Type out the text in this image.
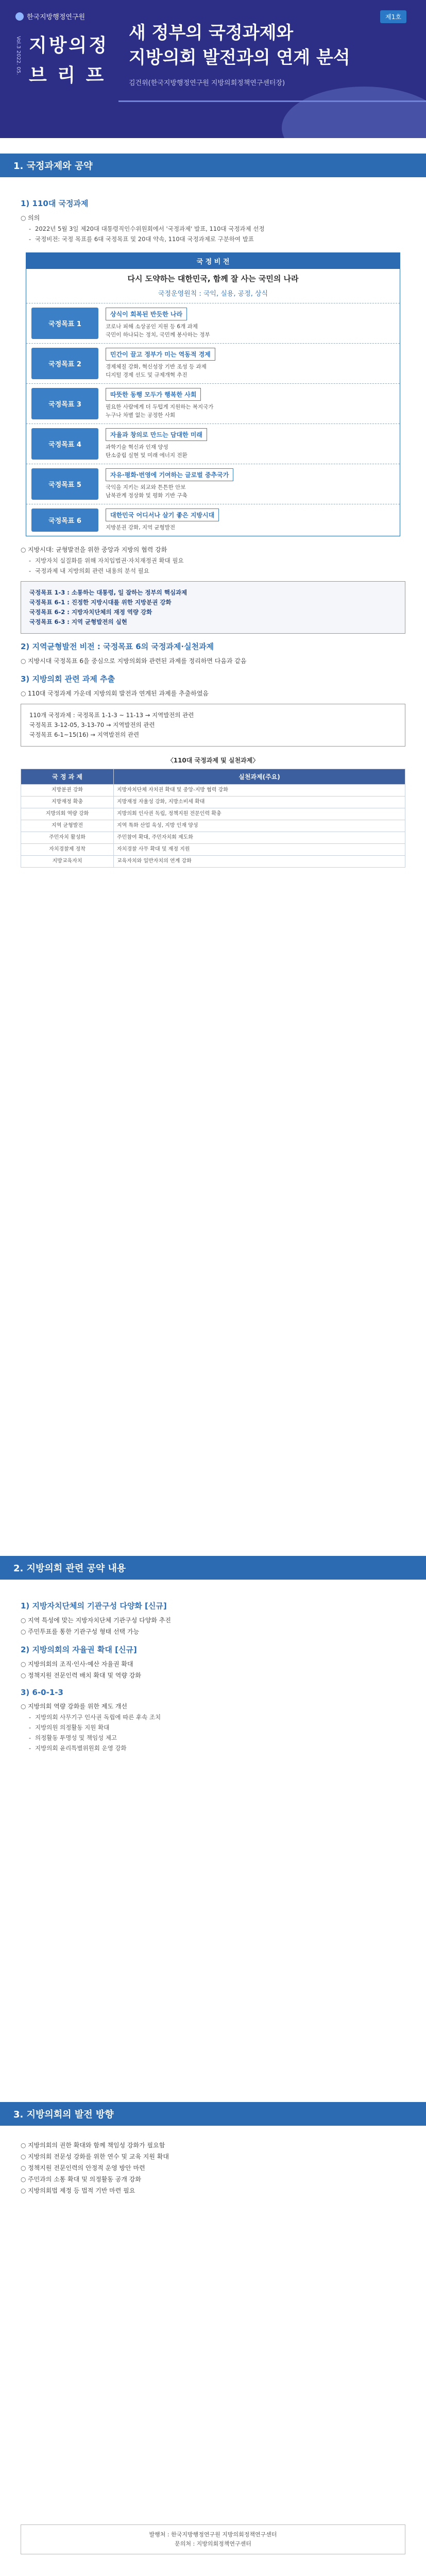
한국지방행정연구원
Vol.3 2022. 05. 지방의정
브 리 프
제1호
새 정부의 국정과제와
지방의회 발전과의 연계 분석
김건위(한국지방행정연구원 지방의회정책연구센터장)
1. 국정과제와 공약
1) 110대 국정과제
○ 의의
- 2022년 5월 3일 제20대 대통령직인수위원회에서 '국정과제' 발표, 110대 국정과제 선정
- 국정비전: 국정 목표를 6대 국정목표 및 20대 약속, 110대 국정과제로 구분하여 발표
국 정 비 전
다시 도약하는 대한민국, 함께 잘 사는 국민의 나라
국정운영원칙 : 국익, 실용, 공정, 상식
국정목표 1
상식이 회복된 반듯한 나라
코로나 피해 소상공인 지원 등 6개 과제
국민이 하나되는 정치, 국민께 봉사하는 정부
국정목표 2
민간이 끌고 정부가 미는 역동적 경제
경제체질 강화, 혁신성장 기반 조성 등 과제
디지털 경제 선도 및 규제개혁 추진
국정목표 3
따뜻한 동행 모두가 행복한 사회
필요한 사람에게 더 두텁게 지원하는 복지국가
누구나 차별 없는 공정한 사회
국정목표 4
자율과 창의로 만드는 담대한 미래
과학기술 혁신과 인재 양성
탄소중립 실현 및 미래 에너지 전환
국정목표 5
자유·평화·번영에 기여하는 글로벌 중추국가
국익을 지키는 외교와 튼튼한 안보
남북관계 정상화 및 평화 기반 구축
국정목표 6
대한민국 어디서나 살기 좋은 지방시대
지방분권 강화, 지역 균형발전
○ 지방시대: 균형발전을 위한 중앙과 지방의 협력 강화
- 지방자치 실질화를 위해 자치입법권·자치재정권 확대 필요
- 국정과제 내 지방의회 관련 내용의 분석 필요

국정목표 1-3 : 소통하는 대통령, 일 잘하는 정부의 핵심과제

국정목표 6-1 : 진정한 지방시대를 위한 지방분권 강화

국정목표 6-2 : 지방자치단체의 재정 역량 강화

국정목표 6-3 : 지역 균형발전의 실현

2) 지역균형발전 비전 : 국정목표 6의 국정과제·실천과제
○ 지방시대 국정목표 6을 중심으로 지방의회와 관련된 과제를 정리하면 다음과 같음
3) 지방의회 관련 과제 추출
○ 110대 국정과제 가운데 지방의회 발전과 연계된 과제를 추출하였음

110개 국정과제 : 국정목표 1-1-3 ~ 11-13 → 지역발전의 관련

국정목표 3-12-05, 3-13-70 → 지역발전의 관련

국정목표 6-1~15(16) → 지역발전의 관련

〈110대 국정과제 및 실천과제〉
국 정 과 제	실천과제(주요)
지방분권 강화	지방자치단체 자치권 확대 및 중앙-지방 협력 강화
지방재정 확충	지방재정 자율성 강화, 지방소비세 확대
지방의회 역량 강화	지방의회 인사권 독립, 정책지원 전문인력 확충
지역 균형발전	지역 특화 산업 육성, 지방 인재 양성
주민자치 활성화	주민참여 확대, 주민자치회 제도화
자치경찰제 정착	자치경찰 사무 확대 및 재정 지원
지방교육자치	교육자치와 일반자치의 연계 강화
2. 지방의회 관련 공약 내용
1) 지방자치단체의 기관구성 다양화 [신규]
○ 지역 특성에 맞는 지방자치단체 기관구성 다양화 추진
○ 주민투표를 통한 기관구성 형태 선택 가능
2) 지방의회의 자율권 확대 [신규]
○ 지방의회의 조직·인사·예산 자율권 확대
○ 정책지원 전문인력 배치 확대 및 역량 강화
3) 6-0-1-3
○ 지방의회 역량 강화를 위한 제도 개선
- 지방의회 사무기구 인사권 독립에 따른 후속 조치
- 지방의원 의정활동 지원 확대
- 의정활동 투명성 및 책임성 제고
- 지방의회 윤리특별위원회 운영 강화
3. 지방의회의 발전 방향
○ 지방의회의 권한 확대와 함께 책임성 강화가 필요함
○ 지방의회 전문성 강화를 위한 연수 및 교육 지원 확대
○ 정책지원 전문인력의 안정적 운영 방안 마련
○ 주민과의 소통 확대 및 의정활동 공개 강화
○ 지방의회법 제정 등 법적 기반 마련 필요
발행처 : 한국지방행정연구원 지방의회정책연구센터
문의처 : 지방의회정책연구센터
